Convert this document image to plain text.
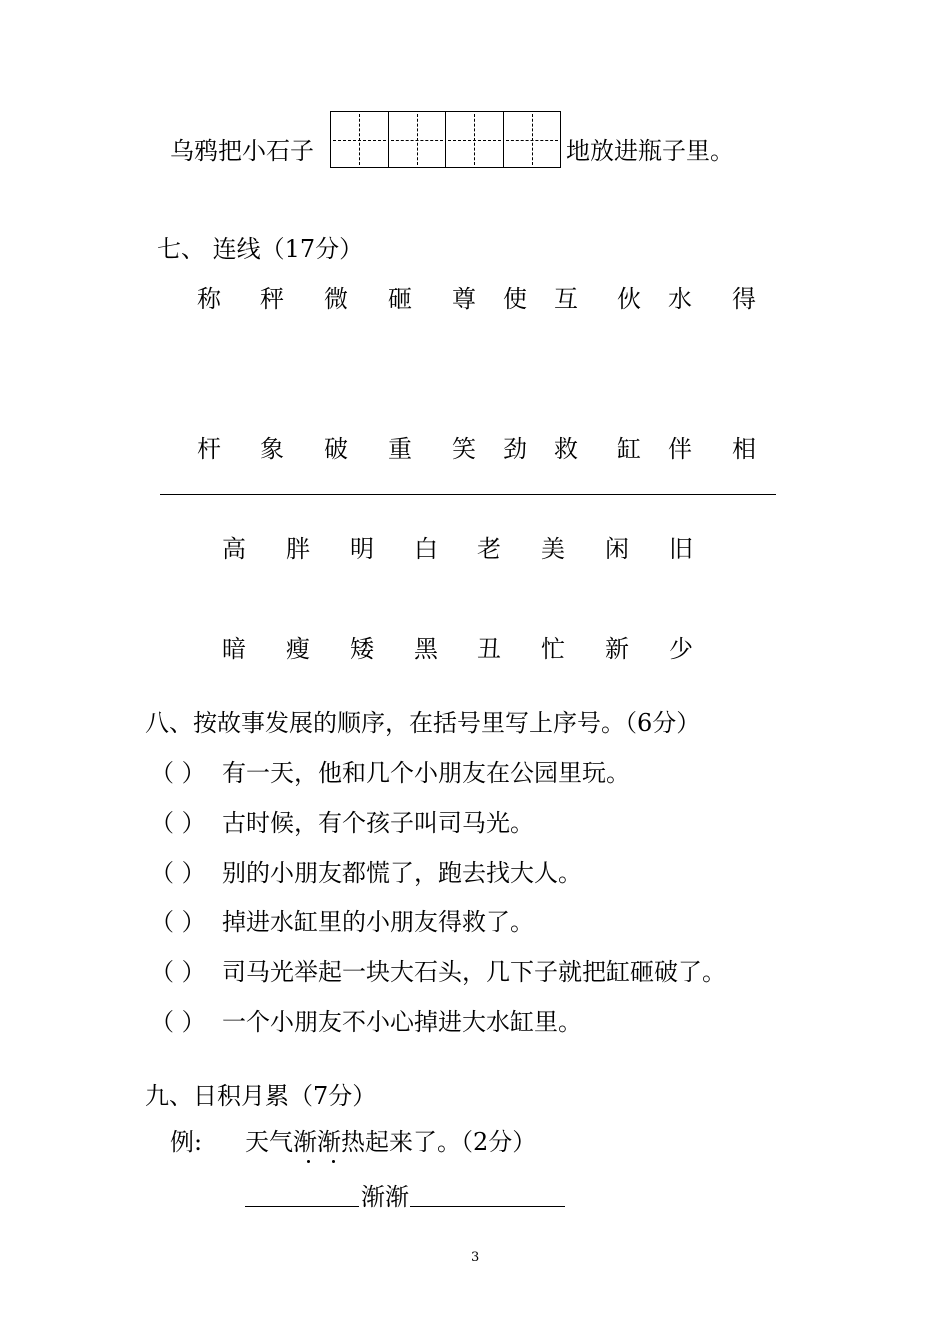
乌鸦把小石子	地放进瓶子里。
七、 连线（17分）
称 秤 微 砸 尊 使 互 伙 水 得
杆 象 破 重 笑 劲 救 缸 伴 相
高 胖 明 白 老 美 闲 旧
暗 瘦 矮 黑 丑 忙 新 少
八、按故事发展的顺序，在括号里写上序号。（6分）
（ ） 有一天，他和几个小朋友在公园里玩。
（ ） 古时候，有个孩子叫司马光。
（ ） 别的小朋友都慌了，跑去找大人。
（ ） 掉进水缸里的小朋友得救了。
（ ） 司马光举起一块大石头，几下子就把缸砸破了。
（ ） 一个小朋友不小心掉进大水缸里。
九、日积月累（7分）
例: 天气渐渐热起来了。（2分）
渐渐
3
